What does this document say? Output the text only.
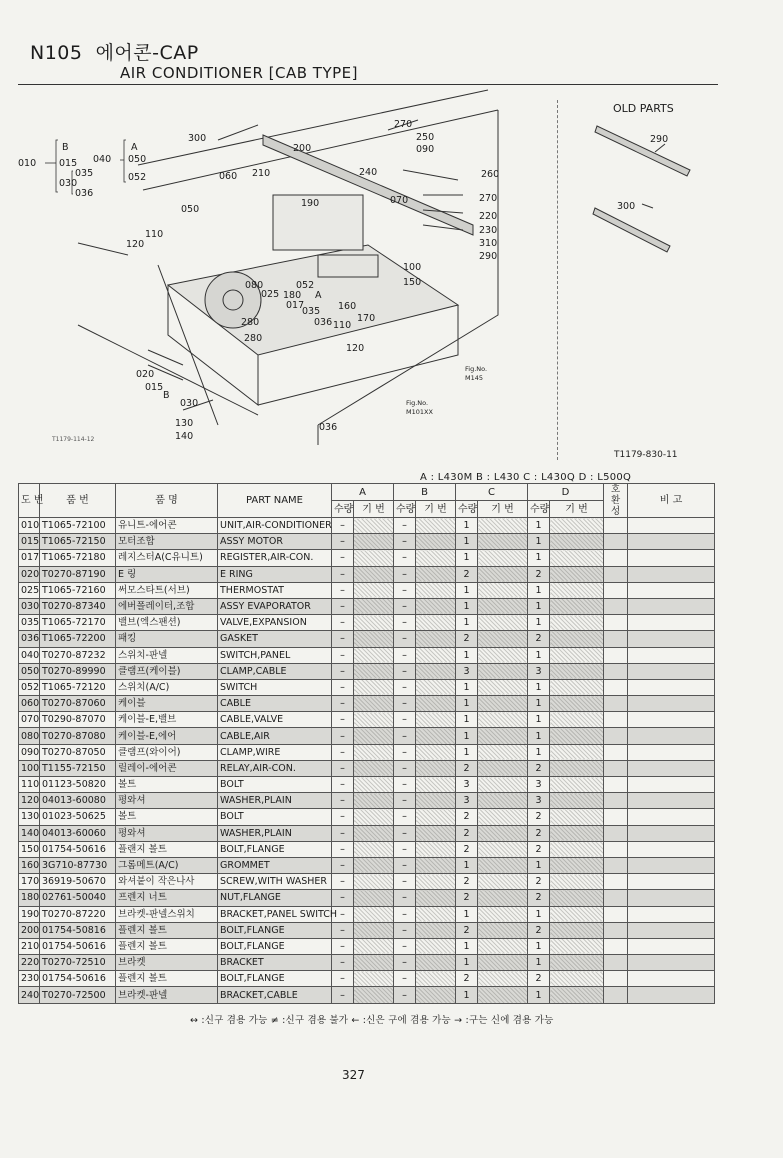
N105 에어콘-CAP
AIR CONDITIONER [CAB TYPE]
300
200
270
250
090
240	260
070	270
220
230
310
290
060 210
050
190
110
120
100
150
080
025 180
052
A
017
035 160
280	036 110
170
280
120
020
015
B
030
130
140
036
B
010 015
035
030
036
A
040 050
052
Fig.No.
M145
Fig.No.
M101XX
OLD PARTS
290
300
T1179-114-12
T1179-830-11
A : L430M B : L430 C : L430Q D : L500Q
도 번	품 번	품 명	PART NAME	A		B		C		D		호 환 성	비 고
				수량	기 번	수량	기 번	수량	기 번	수량	기 번		
010	T1065-72100	유니트-에어콘	UNIT,AIR-CONDITIONER	–		–		1		1			
015	T1065-72150	모터조합	ASSY MOTOR	–		–		1		1			
017	T1065-72180	레지스터A(C유니트)	REGISTER,AIR-CON.	–		–		1		1			
020	T0270-87190	E 링	E RING	–		–		2		2			
025	T1065-72160	써모스타트(서브)	THERMOSTAT	–		–		1		1			
030	T0270-87340	에버폴레이터,조합	ASSY EVAPORATOR	–		–		1		1			
035	T1065-72170	밸브(엑스팬션)	VALVE,EXPANSION	–		–		1		1			
036	T1065-72200	패킹	GASKET	–		–		2		2			
040	T0270-87232	스위치-판넬	SWITCH,PANEL	–		–		1		1			
050	T0270-89990	클램프(케이블)	CLAMP,CABLE	–		–		3		3			
052	T1065-72120	스위치(A/C)	SWITCH	–		–		1		1			
060	T0270-87060	케이블	CABLE	–		–		1		1			
070	T0290-87070	케이블-E,밸브	CABLE,VALVE	–		–		1		1			
080	T0270-87080	케이블-E,에어	CABLE,AIR	–		–		1		1			
090	T0270-87050	클램프(와이어)	CLAMP,WIRE	–		–		1		1			
100	T1155-72150	릴레이-에어콘	RELAY,AIR-CON.	–		–		2		2			
110	01123-50820	볼트	BOLT	–		–		3		3			
120	04013-60080	평와셔	WASHER,PLAIN	–		–		3		3			
130	01023-50625	볼트	BOLT	–		–		2		2			
140	04013-60060	평와셔	WASHER,PLAIN	–		–		2		2			
150	01754-50616	플랜지 볼트	BOLT,FLANGE	–		–		2		2			
160	3G710-87730	그롬메트(A/C)	GROMMET	–		–		1		1			
170	36919-50670	와셔붙이 작은나사	SCREW,WITH WASHER	–		–		2		2			
180	02761-50040	프렌지 너트	NUT,FLANGE	–		–		2		2			
190	T0270-87220	브라켓-판넬스위치	BRACKET,PANEL SWITCH	–		–		1		1			
200	01754-50816	플렌지 볼트	BOLT,FLANGE	–		–		2		2			
210	01754-50616	플렌지 볼트	BOLT,FLANGE	–		–		1		1			
220	T0270-72510	브라켓	BRACKET	–		–		1		1			
230	01754-50616	플렌지 볼트	BOLT,FLANGE	–		–		2		2			
240	T0270-72500	브라켓-판넬	BRACKET,CABLE	–		–		1		1			
↔ :신구 겸용 가능 ≠ :신구 겸용 불가 ← :신은 구에 겸용 가능 → :구는 신에 겸용 가능
327
